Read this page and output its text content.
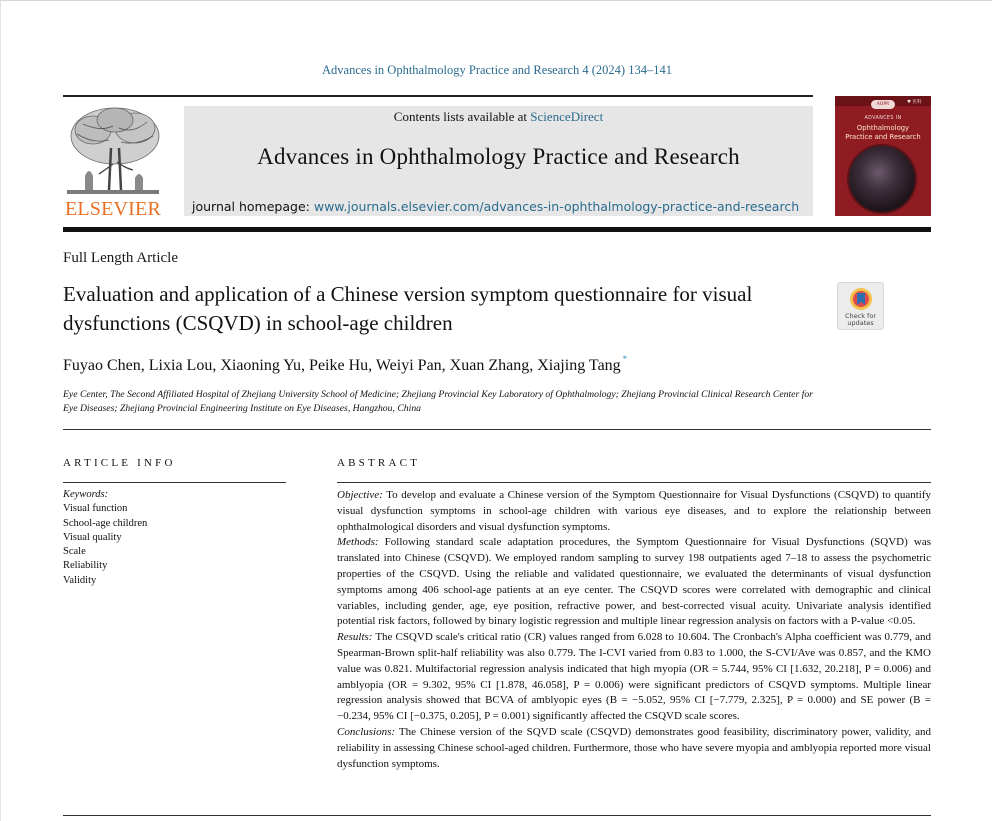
Advances in Ophthalmology Practice and Research 4 (2024) 134–141
ELSEVIER
Contents lists available at ScienceDirect
Advances in Ophthalmology Practice and Research
journal homepage: www.journals.elsevier.com/advances-in-ophthalmology-practice-and-research
AOPR	♥ 医科
ADVANCES IN
Ophthalmology
Practice and Research
Full Length Article
Evaluation and application of a Chinese version symptom questionnaire for visual dysfunctions (CSQVD) in school-age children	Check for
updates
Fuyao Chen, Lixia Lou, Xiaoning Yu, Peike Hu, Weiyi Pan, Xuan Zhang, Xiajing Tang *
Eye Center, The Second Affiliated Hospital of Zhejiang University School of Medicine; Zhejiang Provincial Key Laboratory of Ophthalmology; Zhejiang Provincial Clinical Research Center for Eye Diseases; Zhejiang Provincial Engineering Institute on Eye Diseases, Hangzhou, China
ARTICLE INFO	ABSTRACT
Keywords:
Visual function
School-age children
Visual quality
Scale
Reliability
Validity

Objective: To develop and evaluate a Chinese version of the Symptom Questionnaire for Visual Dysfunctions (CSQVD) to quantify visual dysfunction symptoms in school-age children with various eye diseases, and to explore the relationship between ophthalmological disorders and visual dysfunction symptoms.

Methods: Following standard scale adaptation procedures, the Symptom Questionnaire for Visual Dysfunctions (SQVD) was translated into Chinese (CSQVD). We employed random sampling to survey 198 outpatients aged 7–18 to assess the psychometric properties of the CSQVD. Using the reliable and validated questionnaire, we evaluated the determinants of visual dysfunction symptoms among 406 school-age patients at an eye center. The CSQVD scores were correlated with demographic and clinical variables, including gender, age, eye position, refractive power, and best-corrected visual acuity. Univariate analysis identified potential risk factors, followed by binary logistic regression and multiple linear regression analysis on factors with a P-value <0.05.

Results: The CSQVD scale's critical ratio (CR) values ranged from 6.028 to 10.604. The Cronbach's Alpha coefficient was 0.779, and Spearman-Brown split-half reliability was also 0.779. The I-CVI varied from 0.83 to 1.000, the S-CVI/Ave was 0.857, and the KMO value was 0.821. Multifactorial regression analysis indicated that high myopia (OR = 5.744, 95% CI [1.632, 20.218], P = 0.006) and amblyopia (OR = 9.302, 95% CI [1.878, 46.058], P = 0.006) were significant predictors of CSQVD symptoms. Multiple linear regression analysis showed that BCVA of amblyopic eyes (B = −5.052, 95% CI [−7.779, 2.325], P = 0.000) and SE power (B = −0.234, 95% CI [−0.375, 0.205], P = 0.001) significantly affected the CSQVD scale scores.

Conclusions: The Chinese version of the SQVD scale (CSQVD) demonstrates good feasibility, discriminatory power, validity, and reliability in assessing Chinese school-aged children. Furthermore, those who have severe myopia and amblyopia reported more visual dysfunction symptoms.
